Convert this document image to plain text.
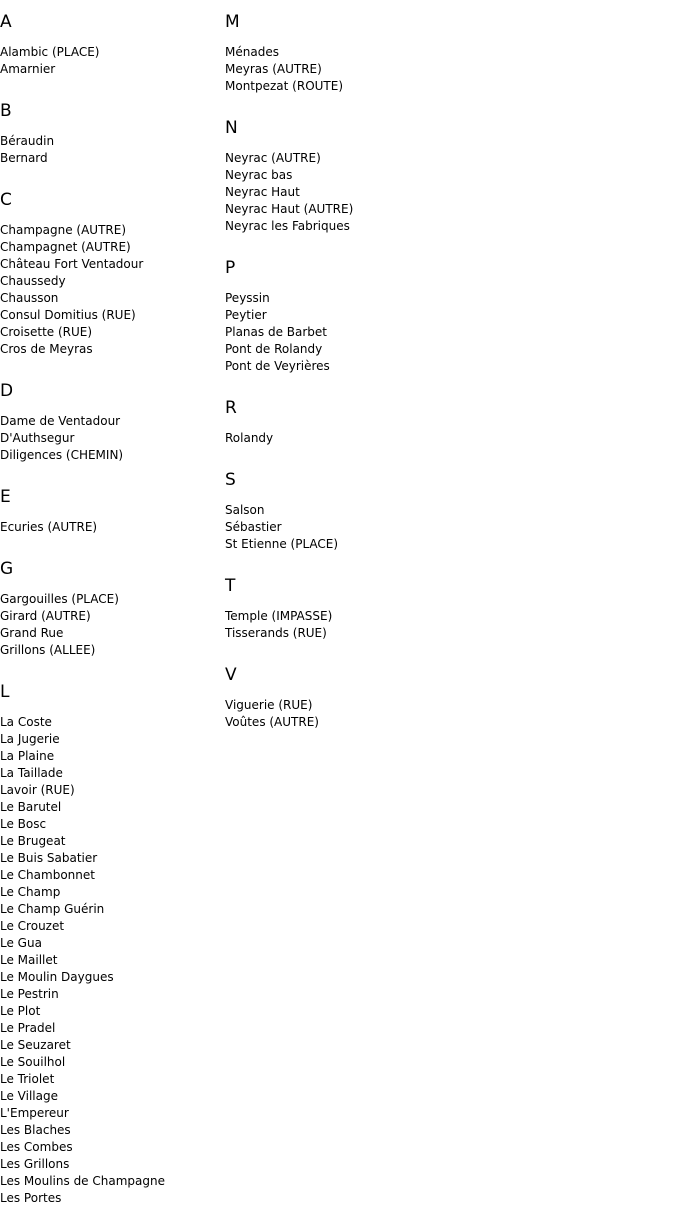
A
Alambic (PLACE)
Amarnier
B
Béraudin
Bernard
C
Champagne (AUTRE)
Champagnet (AUTRE)
Château Fort Ventadour
Chaussedy
Chausson
Consul Domitius (RUE)
Croisette (RUE)
Cros de Meyras
D
Dame de Ventadour
D'Authsegur
Diligences (CHEMIN)
E
Ecuries (AUTRE)
G
Gargouilles (PLACE)
Girard (AUTRE)
Grand Rue
Grillons (ALLEE)
L
La Coste
La Jugerie
La Plaine
La Taillade
Lavoir (RUE)
Le Barutel
Le Bosc
Le Brugeat
Le Buis Sabatier
Le Chambonnet
Le Champ
Le Champ Guérin
Le Crouzet
Le Gua
Le Maillet
Le Moulin Daygues
Le Pestrin
Le Plot
Le Pradel
Le Seuzaret
Le Souilhol
Le Triolet
Le Village
L'Empereur
Les Blaches
Les Combes
Les Grillons
Les Moulins de Champagne
Les Portes
M
Ménades
Meyras (AUTRE)
Montpezat (ROUTE)
N
Neyrac (AUTRE)
Neyrac bas
Neyrac Haut
Neyrac Haut (AUTRE)
Neyrac les Fabriques
P
Peyssin
Peytier
Planas de Barbet
Pont de Rolandy
Pont de Veyrières
R
Rolandy
S
Salson
Sébastier
St Etienne (PLACE)
T
Temple (IMPASSE)
Tisserands (RUE)
V
Viguerie (RUE)
Voûtes (AUTRE)
